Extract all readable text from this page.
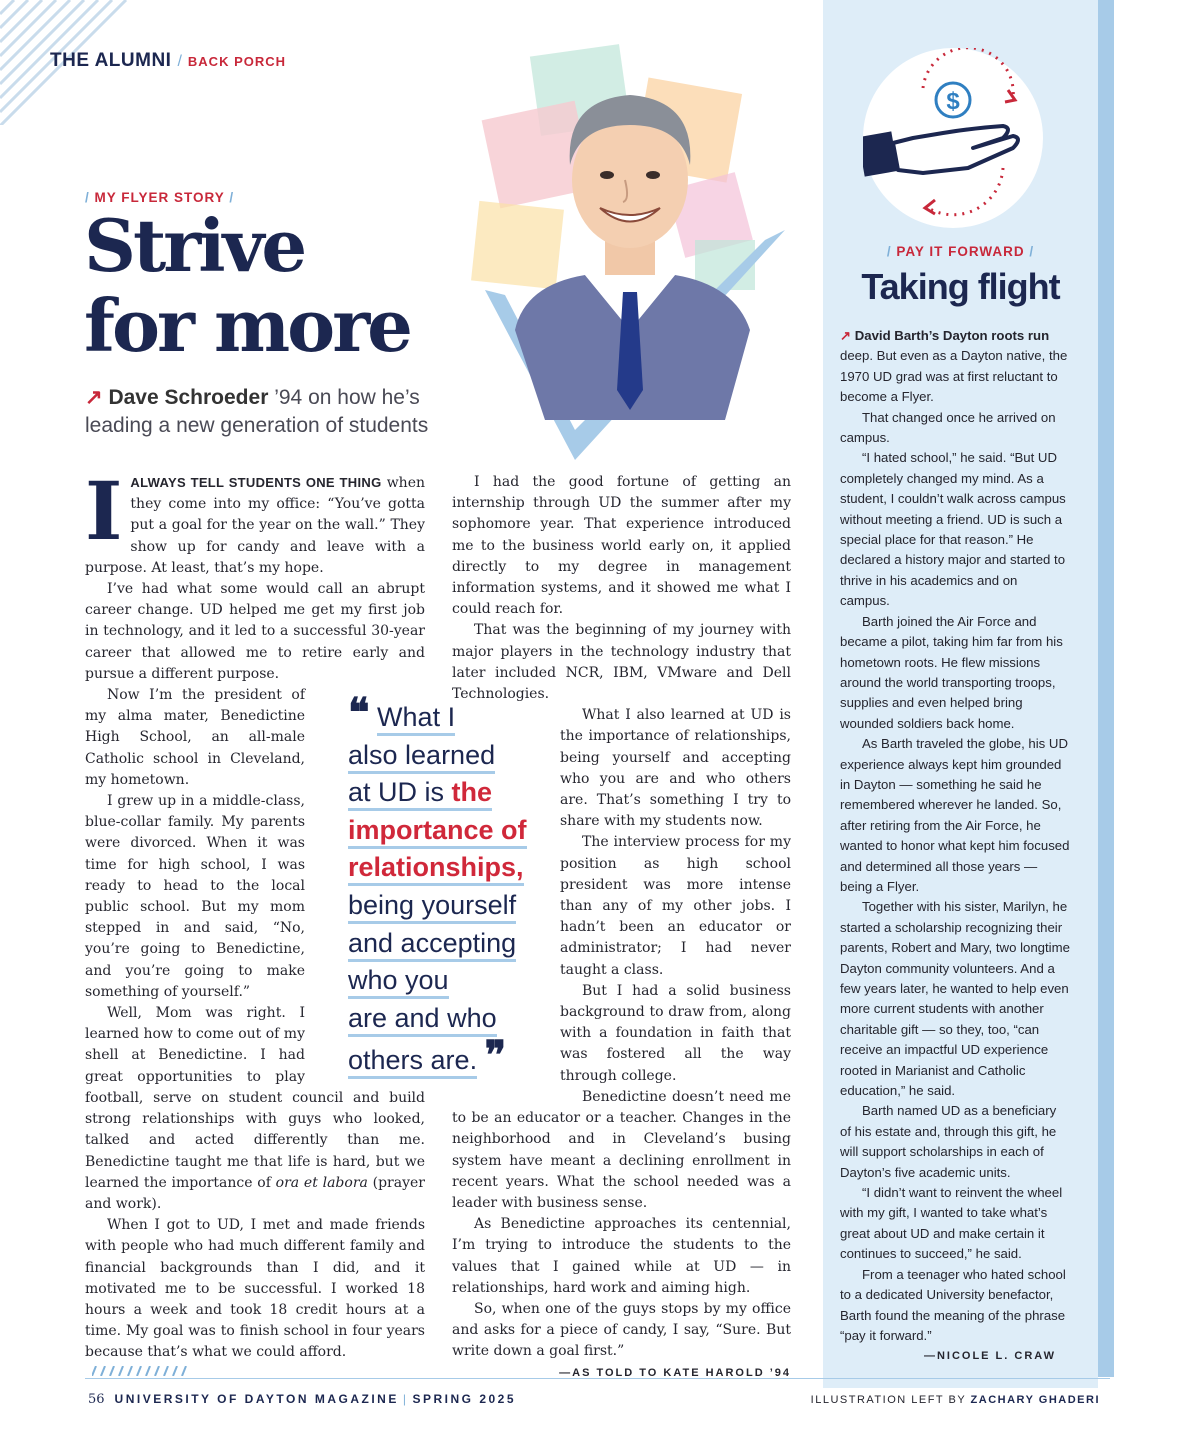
THE ALUMNI / BACK PORCH
/ MY FLYER STORY /
Strive
for more
↗ Dave Schroeder ’94 on how he’s leading a new generation of students

IALWAYS TELL STUDENTS ONE THING when they come into my office: “You’ve gotta put a goal for the year on the wall.” They show up for candy and leave with a purpose. At least, that’s my hope.

I’ve had what some would call an abrupt career change. UD helped me get my first job in technology, and it led to a successful 30-year career that allowed me to retire early and pursue a different purpose.

Now I’m the president of my alma mater, Benedictine High School, an all-male Catholic school in Cleveland, my hometown.

I grew up in a middle-class, blue-collar family. My parents were divorced. When it was time for high school, I was ready to head to the local public school. But my mom stepped in and said, “No, you’re going to Benedictine, and you’re going to make something of yourself.”

Well, Mom was right. I learned how to come out of my shell at Benedictine. I had great opportunities to play football, serve on student council and build strong relationships with guys who looked, talked and acted differently than me. Benedictine taught me that life is hard, but we learned the importance of ora et labora (prayer and work).

When I got to UD, I met and made friends with people who had much different family and financial backgrounds than I did, and it motivated me to be successful. I worked 18 hours a week and took 18 credit hours at a time. My goal was to finish school in four years because that’s what we could afford.

I had the good fortune of getting an internship through UD the summer after my sophomore year. That experience introduced me to the business world early on, it applied directly to my degree in management information systems, and it showed me what I could reach for.

That was the beginning of my journey with major players in the technology industry that later included NCR, IBM, VMware and Dell Technologies.

What I also learned at UD is the importance of relationships, being yourself and accepting who you are and who others are. That’s something I try to share with my students now.

The interview process for my position as high school president was more intense than any of my other jobs. I hadn’t been an educator or administrator; I had never taught a class.

But I had a solid business background to draw from, along with a foundation in faith that was fostered all the way through college.

Benedictine doesn’t need me to be an educator or a teacher. Changes in the neighborhood and in Cleveland’s busing system have meant a declining enrollment in recent years. What the school needed was a leader with business sense.

As Benedictine approaches its centennial, I’m trying to introduce the students to the values that I gained while at UD — in relationships, hard work and aiming high.

So, when one of the guys stops by my office and asks for a piece of candy, I say, “Sure. But write down a goal first.”

—AS TOLD TO KATE HAROLD ’94

❝ What I
also learned
at UD is the
importance of
relationships,
being yourself
and accepting
who you
are and who
others are. ❞
$
/ PAY IT FORWARD /
Taking flight

↗ David Barth’s Dayton roots run deep. But even as a Dayton native, the 1970 UD grad was at first reluctant to become a Flyer.

That changed once he arrived on campus.

“I hated school,” he said. “But UD completely changed my mind. As a student, I couldn’t walk across campus without meeting a friend. UD is such a special place for that reason.” He declared a history major and started to thrive in his academics and on campus.

Barth joined the Air Force and became a pilot, taking him far from his hometown roots. He flew missions around the world transporting troops, supplies and even helped bring wounded soldiers back home.

As Barth traveled the globe, his UD experience always kept him grounded in Dayton — something he said he remembered wherever he landed. So, after retiring from the Air Force, he wanted to honor what kept him focused and determined all those years — being a Flyer.

Together with his sister, Marilyn, he started a scholarship recognizing their parents, Robert and Mary, two longtime Dayton community volunteers. And a few years later, he wanted to help even more current students with another charitable gift — so they, too, “can receive an impactful UD experience rooted in Marianist and Catholic education,” he said.

Barth named UD as a beneficiary of his estate and, through this gift, he will support scholarships in each of Dayton’s five academic units.

“I didn’t want to reinvent the wheel with my gift, I wanted to take what’s great about UD and make certain it continues to succeed,” he said.

From a teenager who hated school to a dedicated University benefactor, Barth found the meaning of the phrase “pay it forward.”

—NICOLE L. CRAW

56 UNIVERSITY OF DAYTON MAGAZINE | SPRING 2025	ILLUSTRATION LEFT BY ZACHARY GHADERI
